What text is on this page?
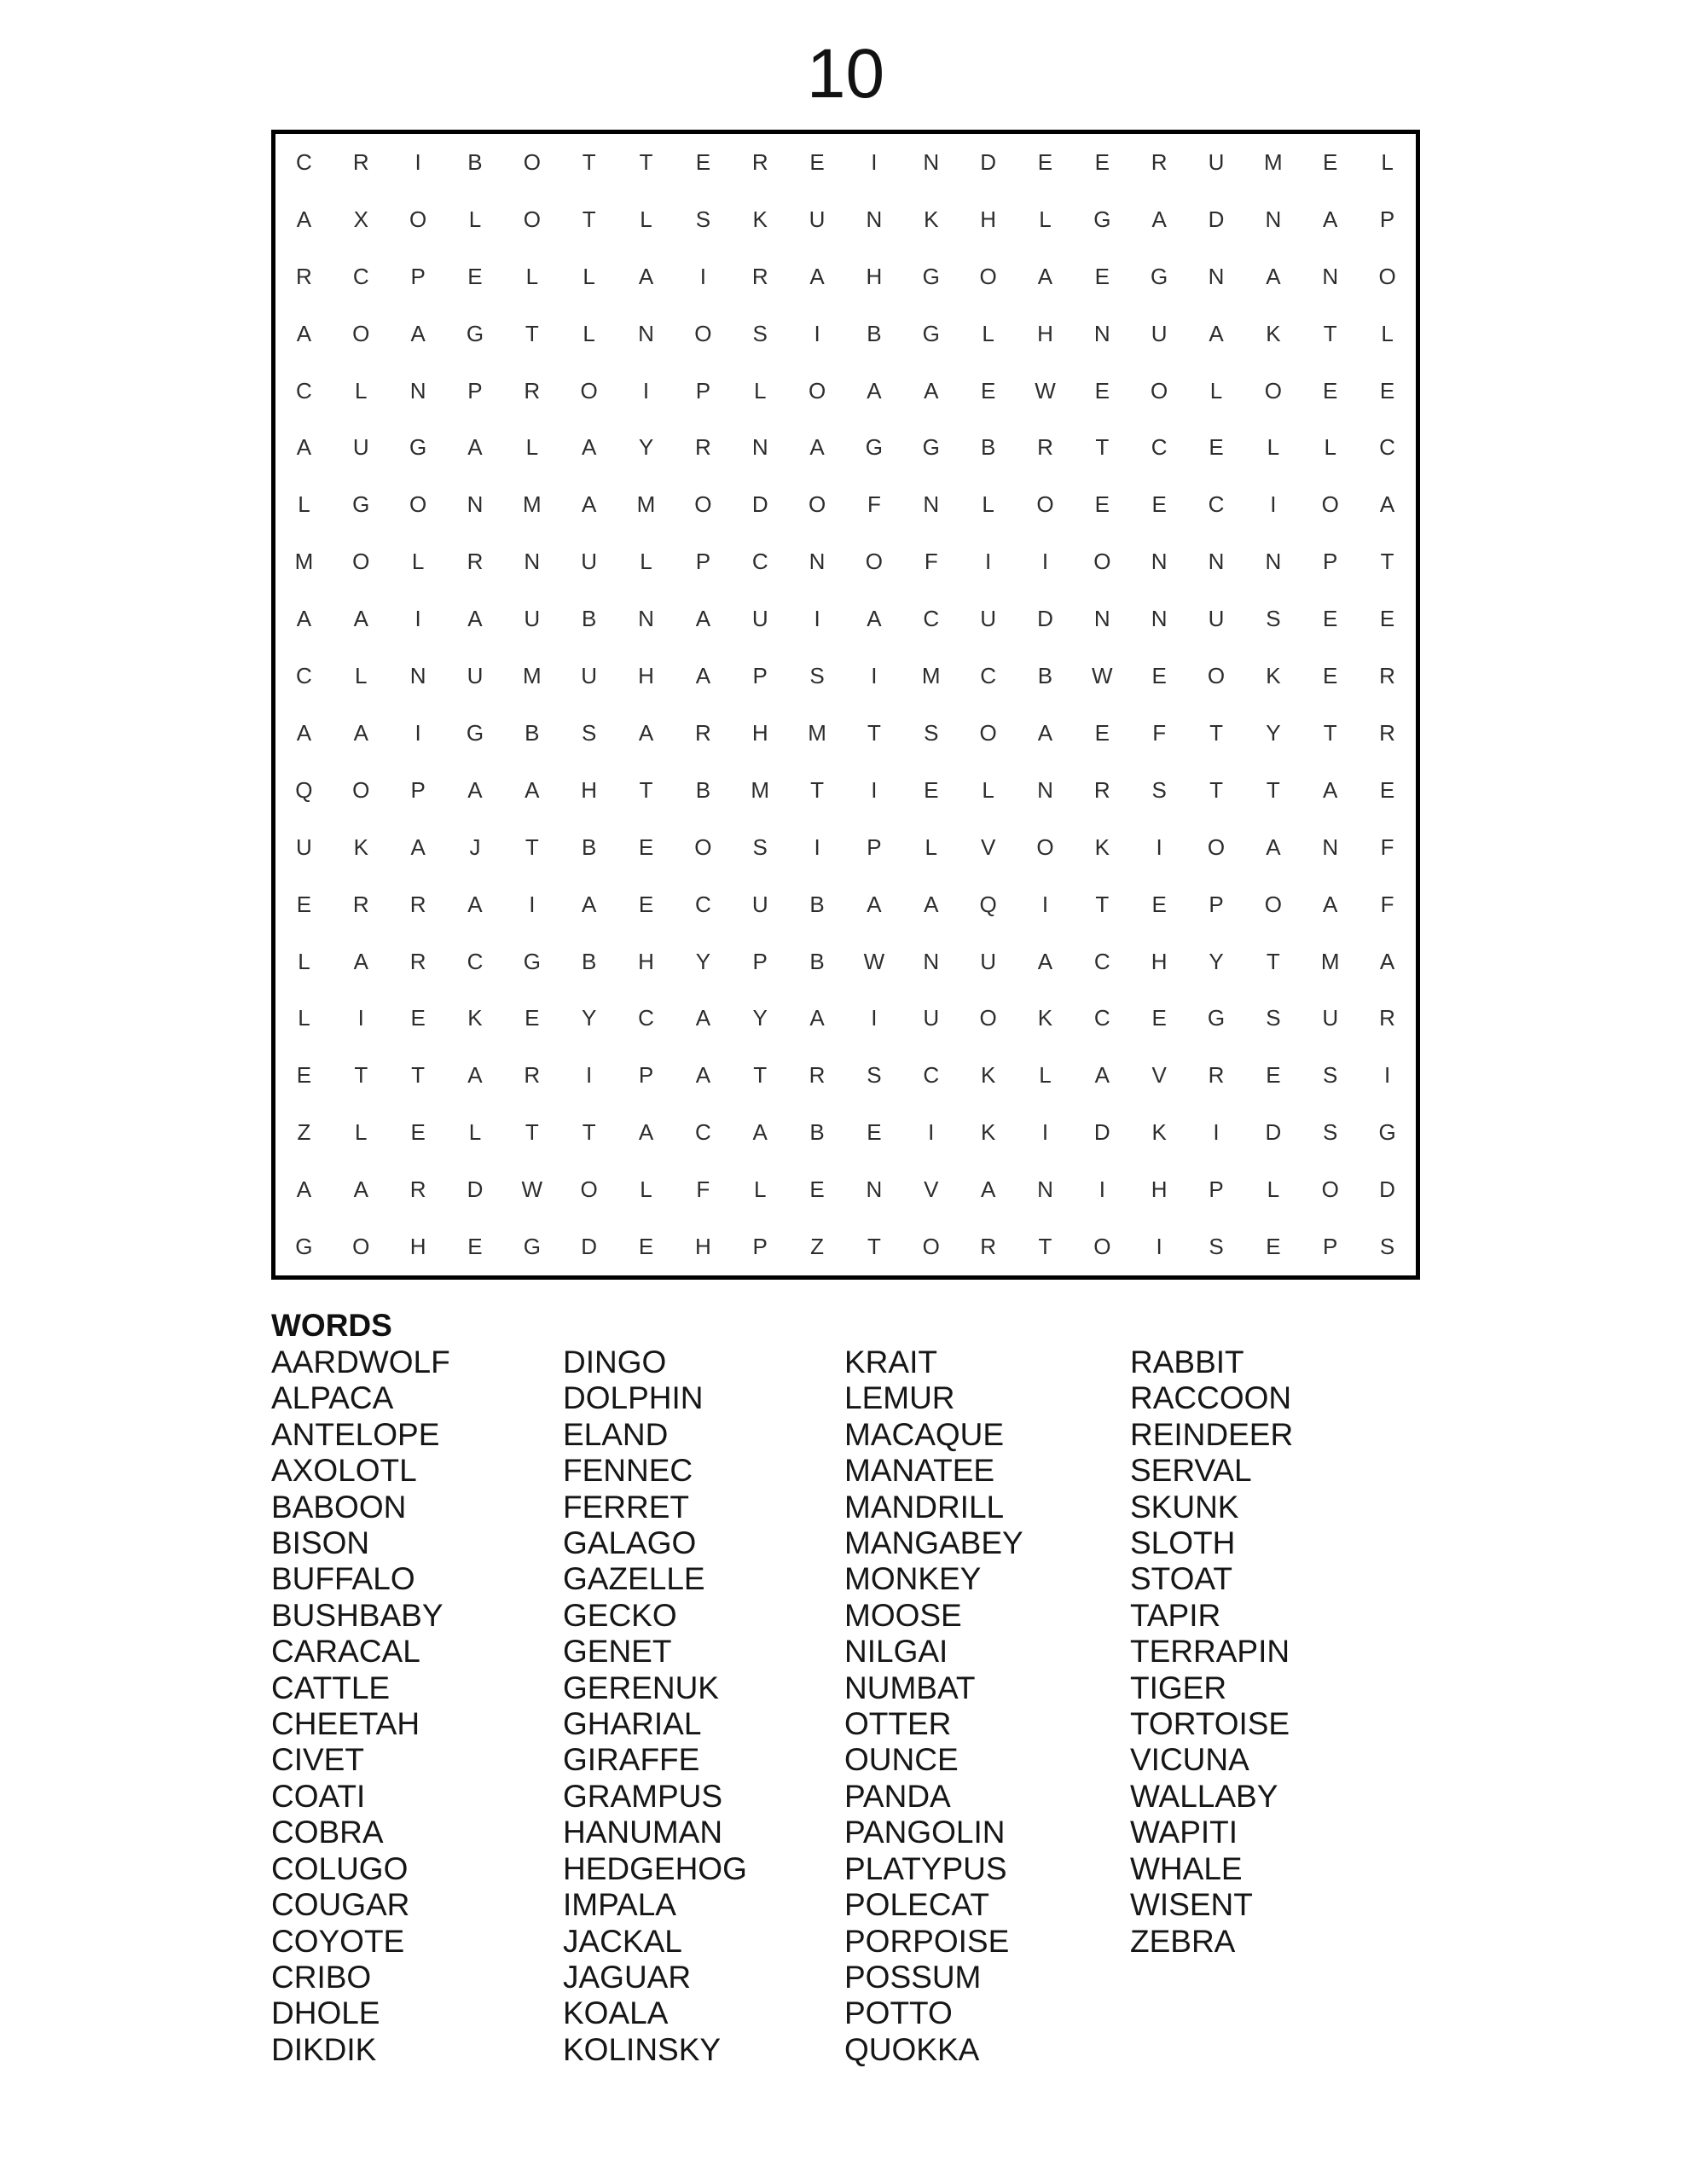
10
C	R	I	B	O	T	T	E	R	E	I	N	D	E	E	R	U	M	E	L
A	X	O	L	O	T	L	S	K	U	N	K	H	L	G	A	D	N	A	P
R	C	P	E	L	L	A	I	R	A	H	G	O	A	E	G	N	A	N	O
A	O	A	G	T	L	N	O	S	I	B	G	L	H	N	U	A	K	T	L
C	L	N	P	R	O	I	P	L	O	A	A	E	W	E	O	L	O	E	E
A	U	G	A	L	A	Y	R	N	A	G	G	B	R	T	C	E	L	L	C
L	G	O	N	M	A	M	O	D	O	F	N	L	O	E	E	C	I	O	A
M	O	L	R	N	U	L	P	C	N	O	F	I	I	O	N	N	N	P	T
A	A	I	A	U	B	N	A	U	I	A	C	U	D	N	N	U	S	E	E
C	L	N	U	M	U	H	A	P	S	I	M	C	B	W	E	O	K	E	R
A	A	I	G	B	S	A	R	H	M	T	S	O	A	E	F	T	Y	T	R
Q	O	P	A	A	H	T	B	M	T	I	E	L	N	R	S	T	T	A	E
U	K	A	J	T	B	E	O	S	I	P	L	V	O	K	I	O	A	N	F
E	R	R	A	I	A	E	C	U	B	A	A	Q	I	T	E	P	O	A	F
L	A	R	C	G	B	H	Y	P	B	W	N	U	A	C	H	Y	T	M	A
L	I	E	K	E	Y	C	A	Y	A	I	U	O	K	C	E	G	S	U	R
E	T	T	A	R	I	P	A	T	R	S	C	K	L	A	V	R	E	S	I
Z	L	E	L	T	T	A	C	A	B	E	I	K	I	D	K	I	D	S	G
A	A	R	D	W	O	L	F	L	E	N	V	A	N	I	H	P	L	O	D
G	O	H	E	G	D	E	H	P	Z	T	O	R	T	O	I	S	E	P	S
WORDS
AARDWOLF
ALPACA
ANTELOPE
AXOLOTL
BABOON
BISON
BUFFALO
BUSHBABY
CARACAL
CATTLE
CHEETAH
CIVET
COATI
COBRA
COLUGO
COUGAR
COYOTE
CRIBO
DHOLE
DIKDIK
DINGO
DOLPHIN
ELAND
FENNEC
FERRET
GALAGO
GAZELLE
GECKO
GENET
GERENUK
GHARIAL
GIRAFFE
GRAMPUS
HANUMAN
HEDGEHOG
IMPALA
JACKAL
JAGUAR
KOALA
KOLINSKY
KRAIT
LEMUR
MACAQUE
MANATEE
MANDRILL
MANGABEY
MONKEY
MOOSE
NILGAI
NUMBAT
OTTER
OUNCE
PANDA
PANGOLIN
PLATYPUS
POLECAT
PORPOISE
POSSUM
POTTO
QUOKKA
RABBIT
RACCOON
REINDEER
SERVAL
SKUNK
SLOTH
STOAT
TAPIR
TERRAPIN
TIGER
TORTOISE
VICUNA
WALLABY
WAPITI
WHALE
WISENT
ZEBRA
